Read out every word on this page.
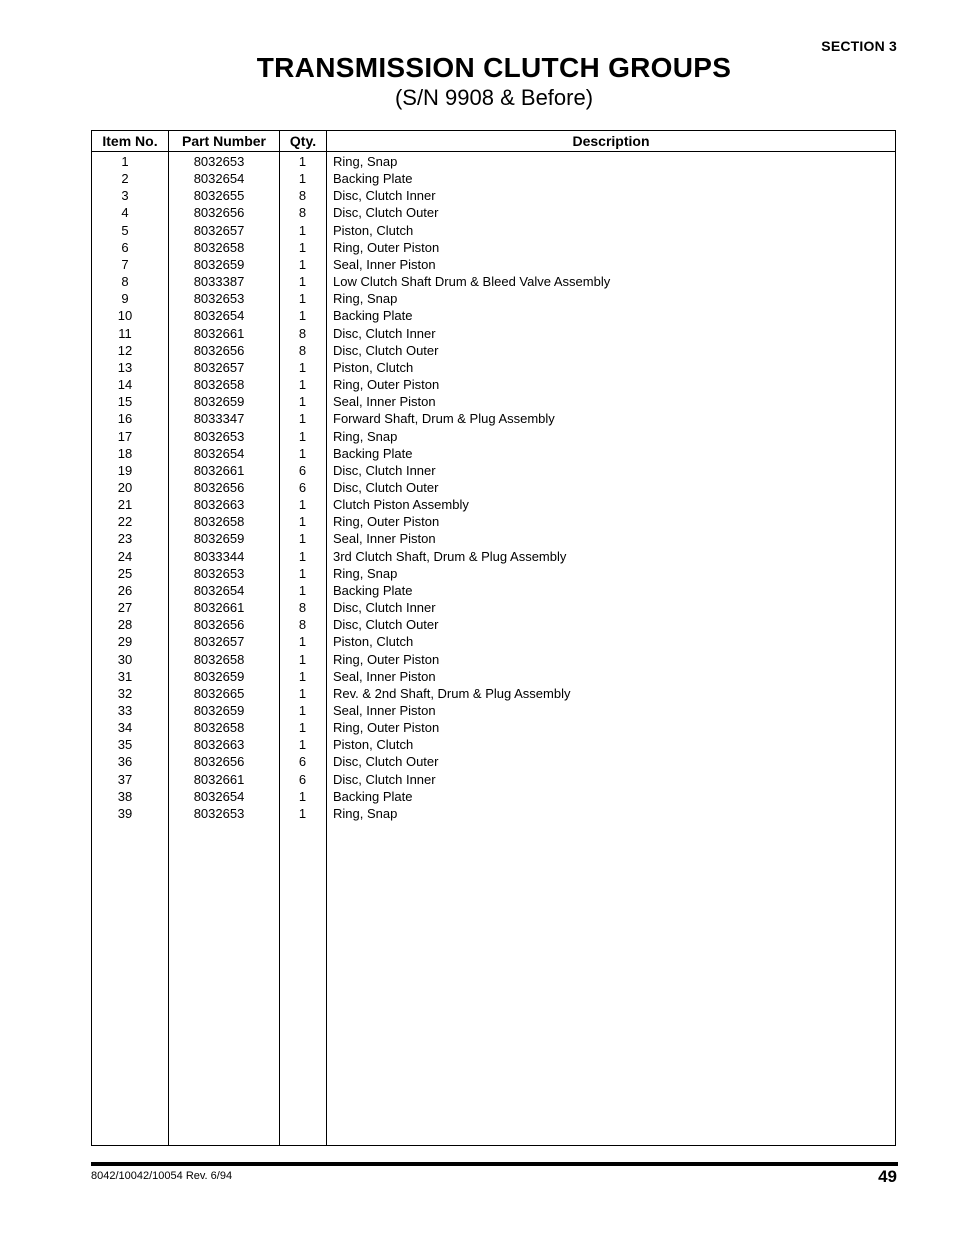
SECTION 3
TRANSMISSION CLUTCH GROUPS
(S/N 9908 & Before)
Item No.	Part Number	Qty.	Description
1	8032653	1	Ring, Snap
2	8032654	1	Backing Plate
3	8032655	8	Disc, Clutch Inner
4	8032656	8	Disc, Clutch Outer
5	8032657	1	Piston, Clutch
6	8032658	1	Ring, Outer Piston
7	8032659	1	Seal, Inner Piston
8	8033387	1	Low Clutch Shaft Drum & Bleed Valve Assembly
9	8032653	1	Ring, Snap
10	8032654	1	Backing Plate
11	8032661	8	Disc, Clutch Inner
12	8032656	8	Disc, Clutch Outer
13	8032657	1	Piston, Clutch
14	8032658	1	Ring, Outer Piston
15	8032659	1	Seal, Inner Piston
16	8033347	1	Forward Shaft, Drum & Plug Assembly
17	8032653	1	Ring, Snap
18	8032654	1	Backing Plate
19	8032661	6	Disc, Clutch Inner
20	8032656	6	Disc, Clutch Outer
21	8032663	1	Clutch Piston Assembly
22	8032658	1	Ring, Outer Piston
23	8032659	1	Seal, Inner Piston
24	8033344	1	3rd Clutch Shaft, Drum & Plug Assembly
25	8032653	1	Ring, Snap
26	8032654	1	Backing Plate
27	8032661	8	Disc, Clutch Inner
28	8032656	8	Disc, Clutch Outer
29	8032657	1	Piston, Clutch
30	8032658	1	Ring, Outer Piston
31	8032659	1	Seal, Inner Piston
32	8032665	1	Rev. & 2nd Shaft, Drum & Plug Assembly
33	8032659	1	Seal, Inner Piston
34	8032658	1	Ring, Outer Piston
35	8032663	1	Piston, Clutch
36	8032656	6	Disc, Clutch Outer
37	8032661	6	Disc, Clutch Inner
38	8032654	1	Backing Plate
39	8032653	1	Ring, Snap
8042/10042/10054 Rev. 6/94	49
